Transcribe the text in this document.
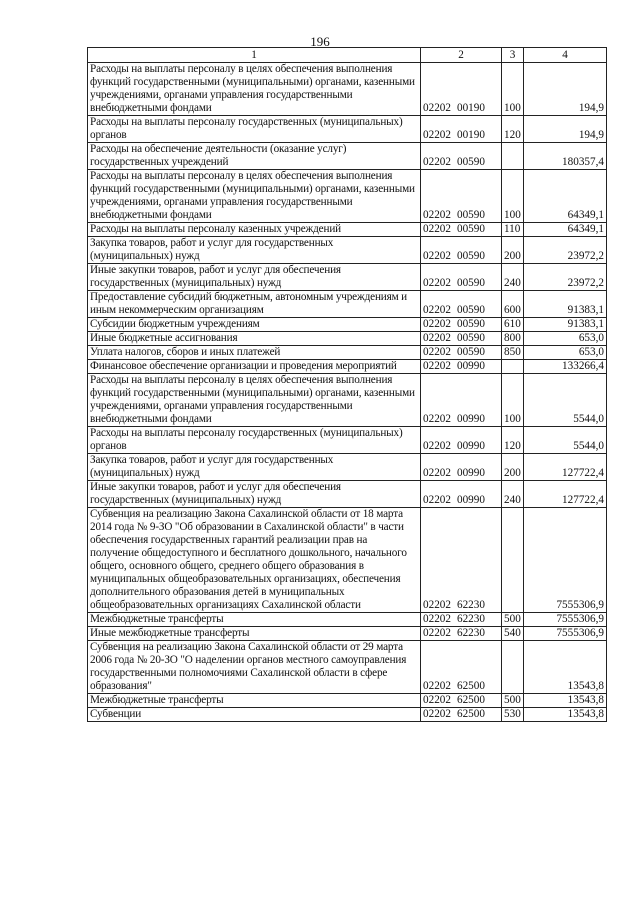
196
1	2	3	4
Расходы на выплаты персоналу в целях обеспечения выполнения функций государственными (муниципальными) органами, казенными учреждениями, органами управления государственными внебюджетными фондами	02202 00190	100	194,9
Расходы на выплаты персоналу государственных (муниципальных) органов	02202 00190	120	194,9
Расходы на обеспечение деятельности (оказание услуг) государственных учреждений	02202 00590		180357,4
Расходы на выплаты персоналу в целях обеспечения выполнения функций государственными (муниципальными) органами, казенными учреждениями, органами управления государственными внебюджетными фондами	02202 00590	100	64349,1
Расходы на выплаты персоналу казенных учреждений	02202 00590	110	64349,1
Закупка товаров, работ и услуг для государственных (муниципальных) нужд	02202 00590	200	23972,2
Иные закупки товаров, работ и услуг для обеспечения государственных (муниципальных) нужд	02202 00590	240	23972,2
Предоставление субсидий бюджетным, автономным учреждениям и иным некоммерческим организациям	02202 00590	600	91383,1
Субсидии бюджетным учреждениям	02202 00590	610	91383,1
Иные бюджетные ассигнования	02202 00590	800	653,0
Уплата налогов, сборов и иных платежей	02202 00590	850	653,0
Финансовое обеспечение организации и проведения мероприятий	02202 00990		133266,4
Расходы на выплаты персоналу в целях обеспечения выполнения функций государственными (муниципальными) органами, казенными учреждениями, органами управления государственными внебюджетными фондами	02202 00990	100	5544,0
Расходы на выплаты персоналу государственных (муниципальных) органов	02202 00990	120	5544,0
Закупка товаров, работ и услуг для государственных (муниципальных) нужд	02202 00990	200	127722,4
Иные закупки товаров, работ и услуг для обеспечения государственных (муниципальных) нужд	02202 00990	240	127722,4
Субвенция на реализацию Закона Сахалинской области от 18 марта 2014 года № 9-ЗО "Об образовании в Сахалинской области" в части обеспечения государственных гарантий реализации прав на получение общедоступного и бесплатного дошкольного, начального общего, основного общего, среднего общего образования в муниципальных общеобразовательных организациях, обеспечения дополнительного образования детей в муниципальных общеобразовательных организациях Сахалинской области	02202 62230		7555306,9
Межбюджетные трансферты	02202 62230	500	7555306,9
Иные межбюджетные трансферты	02202 62230	540	7555306,9
Субвенция на реализацию Закона Сахалинской области от 29 марта 2006 года № 20-ЗО "О наделении органов местного самоуправления государственными полномочиями Сахалинской области в сфере образования"	02202 62500		13543,8
Межбюджетные трансферты	02202 62500	500	13543,8
Субвенции	02202 62500	530	13543,8
